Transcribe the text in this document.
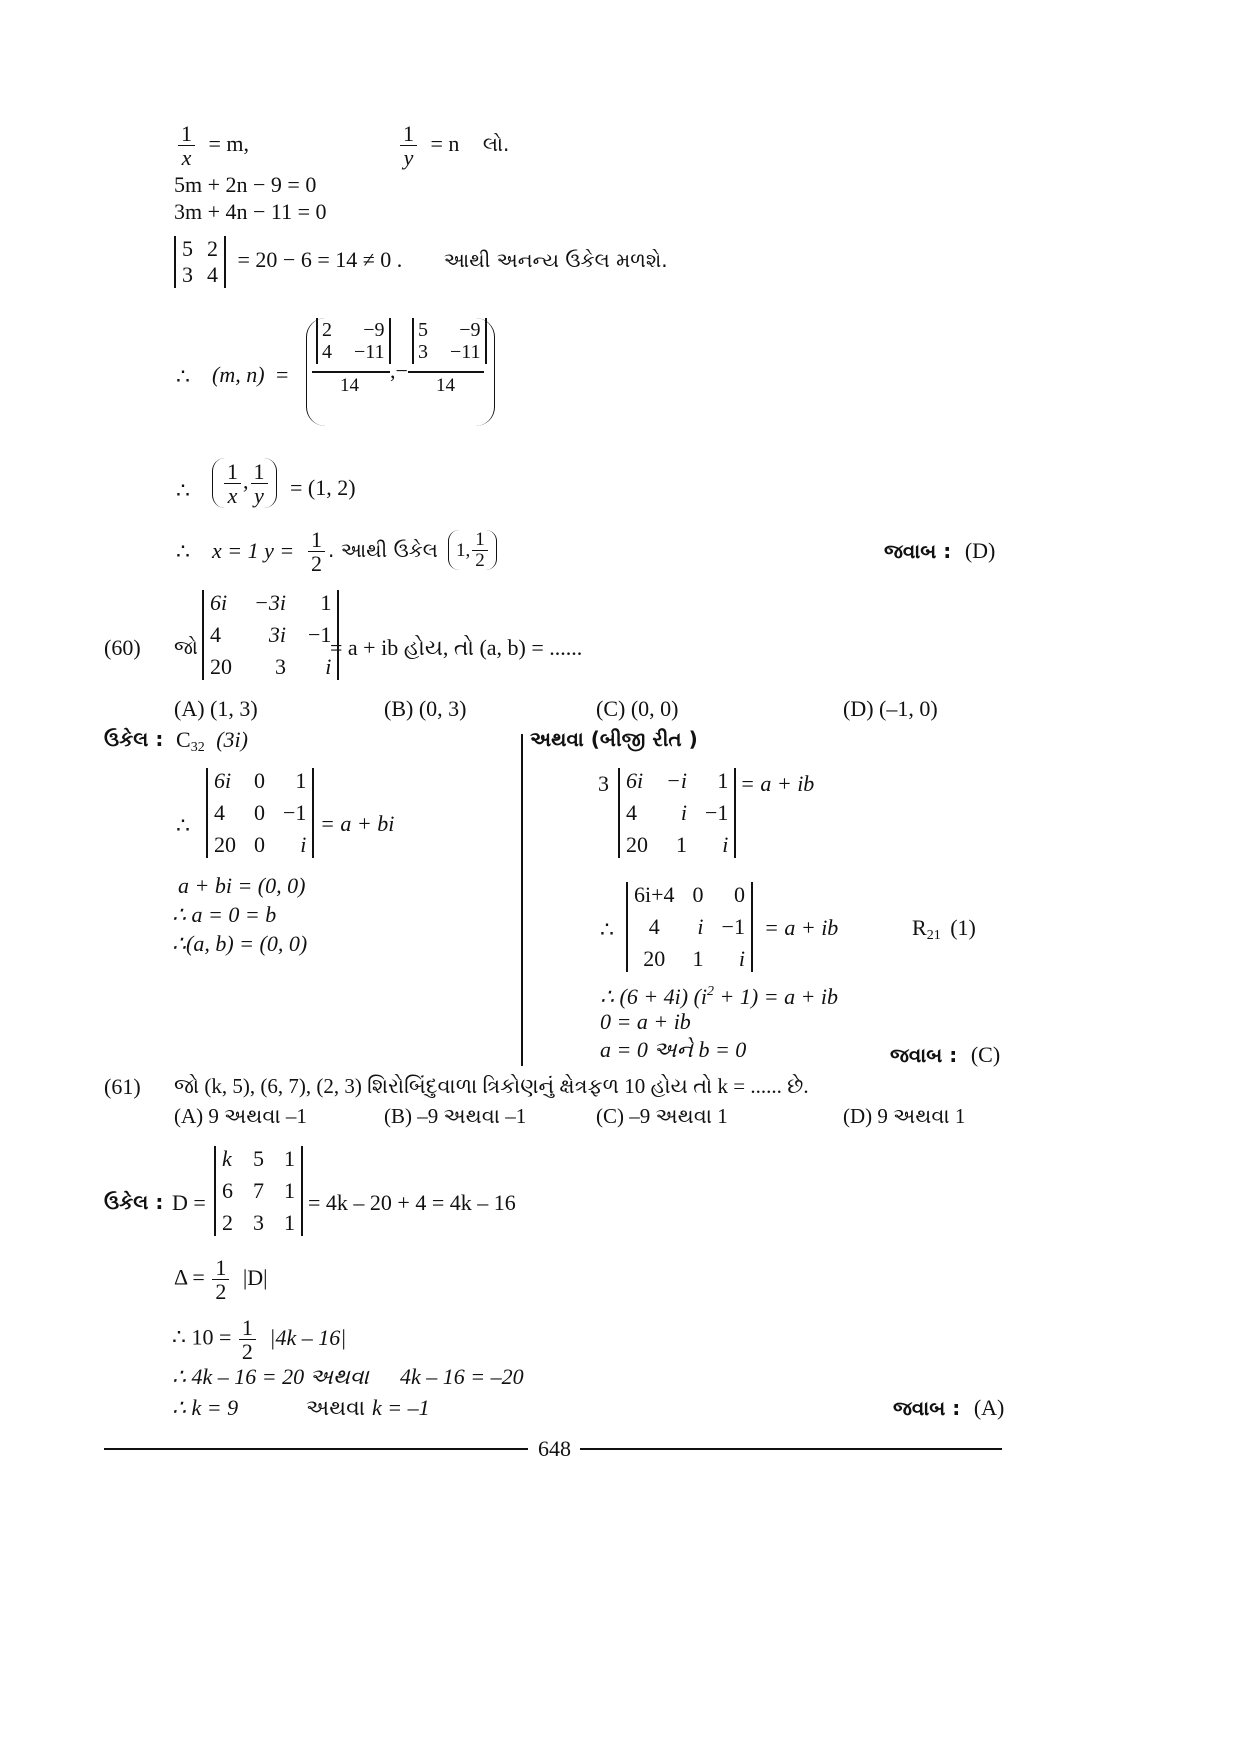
$\frac{1}{x} = m$,	$\frac{1}{y} = n$ લો.
5m + 2n − 9 = 0
3m + 4n − 11 = 0
5 2
3 4
= 20 − 6 = 14 ≠ 0 . આથી અનન્ય ઉકેલ મળશે.
∴ (m, n) =
2	−9
4 −11
14
,−
5	−9
3 −11
14
∴ $\frac{1}{x}$ , $\frac{1}{y} = (1$, 2)
∴ x = 1 $y = \frac{1}{2}$ . આથી ઉકેલ 1, $\frac{1}{2}$	જવાબ : (D)
(60) જો
6i −3i	1
4	3i −1
20	3	i
= a + ib હોય, તો (a, b) = ......
(A) (1, 3)	(B) (0, 3)	(C) (0, 0)	(D) (–1, 0)
ઉકેલ : $C_{32}$ (3i)
∴
6i 0	1
4	0 −1
20 0	i
= a + bi
a + bi = (0, 0)
∴ a = 0 = b
∴(a, b) = (0, 0)
અથવા (બીજી રીત )
3 6i −i	1
4	i −1
20	1	i
= a + ib
∴
6i+4 0	0
4	i −1
20	1	i
= a + ib	$R_{21}$ (1)
∴ (6 + 4i) $(i^2 + 1) = a$ + ib
0 = a + ib
a = 0 અને b = 0	જવાબ : (C)
(61) જો (k, 5), (6, 7), (2, 3) શિરોબિંદુવાળા ત્રિકોણનું ક્ષેત્રફળ 10 હોય તો k = ...... છે.
(A) 9 અથવા –1	(B) –9 અથવા –1	(C) –9 અથવા 1	(D) 9 અથવા 1
ઉકેલ : D =
k 5 1
6 7 1
2 3 1
= 4k – 20 + 4 = 4k – 16
$\Delta = \frac{1}{2} |D|$
∴ $10 = \frac{1}{2} |4k - 16|$
∴ 4k – 16 = 20 અથવા 4k – 16 = –20
∴ k = 9	અથવા k = –1	જવાબ : (A)
648
